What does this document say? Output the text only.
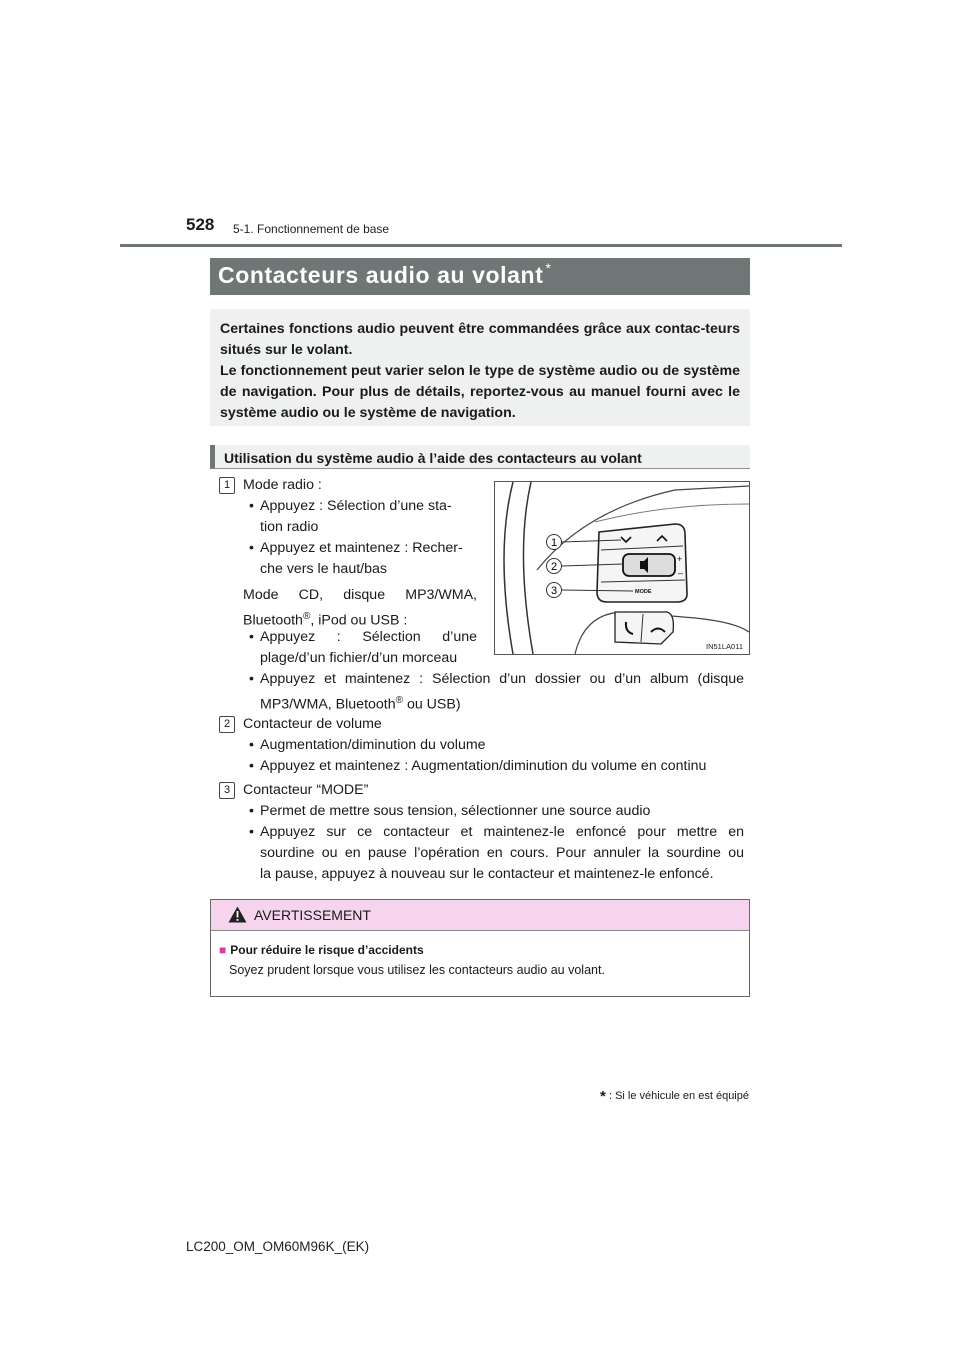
528 5-1. Fonctionnement de base
Contacteurs audio au volant *

Certaines fonctions audio peuvent être commandées grâce aux contac-teurs situés sur le volant.

Le fonctionnement peut varier selon le type de système audio ou de système de navigation. Pour plus de détails, reportez-vous au manuel fourni avec le système audio ou le système de navigation.

Utilisation du système audio à l’aide des contacteurs au volant
1 Mode radio :
• Appuyez : Sélection d’une sta-
tion radio
• Appuyez et maintenez : Recher-
che vers le haut/bas
Mode CD, disque MP3/WMA,
Bluetooth®, iPod ou USB :
• Appuyez : Sélection d’une
plage/d’un fichier/d’un morceau
• Appuyez et maintenez : Sélection d’un dossier ou d’un album (disque
MP3/WMA, Bluetooth® ou USB)
2 Contacteur de volume
• Augmentation/diminution du volume
• Appuyez et maintenez : Augmentation/diminution du volume en continu
3 Contacteur “MODE”
• Permet de mettre sous tension, sélectionner une source audio
• Appuyez sur ce contacteur et maintenez-le enfoncé pour mettre en
sourdine ou en pause l’opération en cours. Pour annuler la sourdine ou
la pause, appuyez à nouveau sur le contacteur et maintenez-le enfoncé.
+
–
MODE
1
2
3
IN51LA011
AVERTISSEMENT
■ Pour réduire le risque d’accidents
Soyez prudent lorsque vous utilisez les contacteurs audio au volant.
* : Si le véhicule en est équipé
LC200_OM_OM60M96K_(EK)
